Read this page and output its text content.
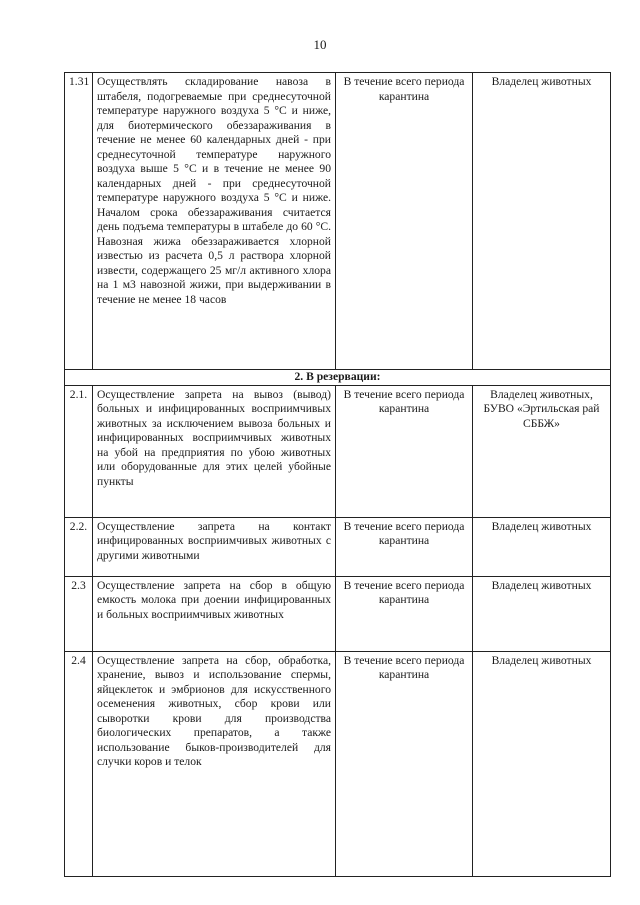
10
1.31	Осуществлять складирование навоза в штабеля, подогреваемые при среднесуточной температуре наружного воздуха 5 °С и ниже, для биотермического обеззараживания в течение не менее 60 календарных дней - при среднесуточной температуре наружного воздуха выше 5 °С и в течение не менее 90 календарных дней - при среднесуточной температуре наружного воздуха 5 °С и ниже. Началом срока обеззараживания считается день подъема температуры в штабеле до 60 °С. Навозная жижа обеззараживается хлорной известью из расчета 0,5 л раствора хлорной извести, содержащего 25 мг/л активного хлора на 1 м3 навозной жижи, при выдерживании в течение не менее 18 часов	В течение всего периода карантина	Владелец животных
2. В резервации:			
2.1.	Осуществление запрета на вывоз (вывод) больных и инфицированных восприимчивых животных за исключением вывоза больных и инфицированных восприимчивых животных на убой на предприятия по убою животных или оборудованные для этих целей убойные пункты	В течение всего периода карантина	Владелец животных, БУВО «Эртильская рай СББЖ»
2.2.	Осуществление запрета на контакт инфицированных восприимчивых животных с другими животными	В течение всего периода карантина	Владелец животных
2.3	Осуществление запрета на сбор в общую емкость молока при доении инфицированных и больных восприимчивых животных	В течение всего периода карантина	Владелец животных
2.4	Осуществление запрета на сбор, обработка, хранение, вывоз и использование спермы, яйцеклеток и эмбрионов для искусственного осеменения животных, сбор крови или сыворотки крови для производства биологических препаратов, а также использование быков-производителей для случки коров и телок	В течение всего периода карантина	Владелец животных
